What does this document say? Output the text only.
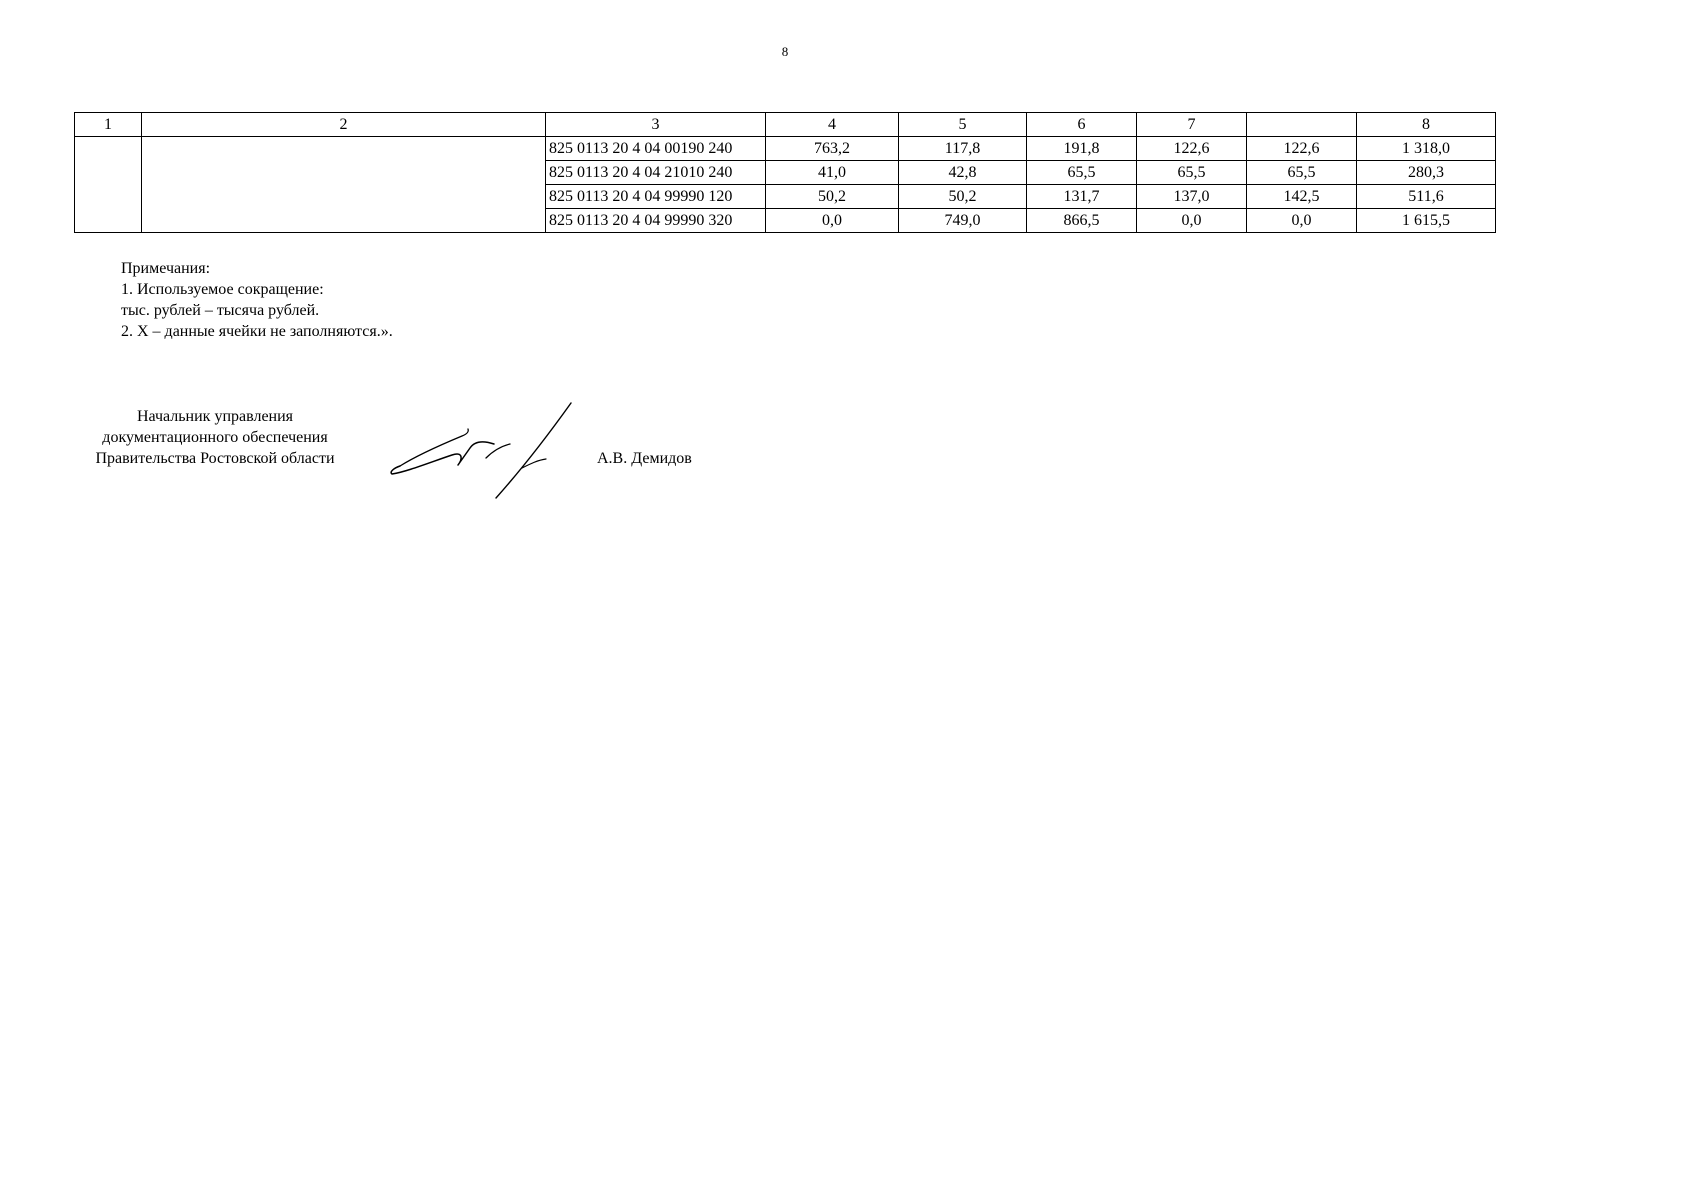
8
1	2	3	4	5	6	7		8
		825 0113 20 4 04 00190 240	763,2	117,8	191,8	122,6	122,6	1 318,0
		825 0113 20 4 04 21010 240	41,0	42,8	65,5	65,5	65,5	280,3
		825 0113 20 4 04 99990 120	50,2	50,2	131,7	137,0	142,5	511,6
		825 0113 20 4 04 99990 320	0,0	749,0	866,5	0,0	0,0	1 615,5
Примечания:
1. Используемое сокращение:
тыс. рублей – тысяча рублей.
2. X – данные ячейки не заполняются.».
Начальник управления
документационного обеспечения
Правительства Ростовской области	А.В. Демидов
